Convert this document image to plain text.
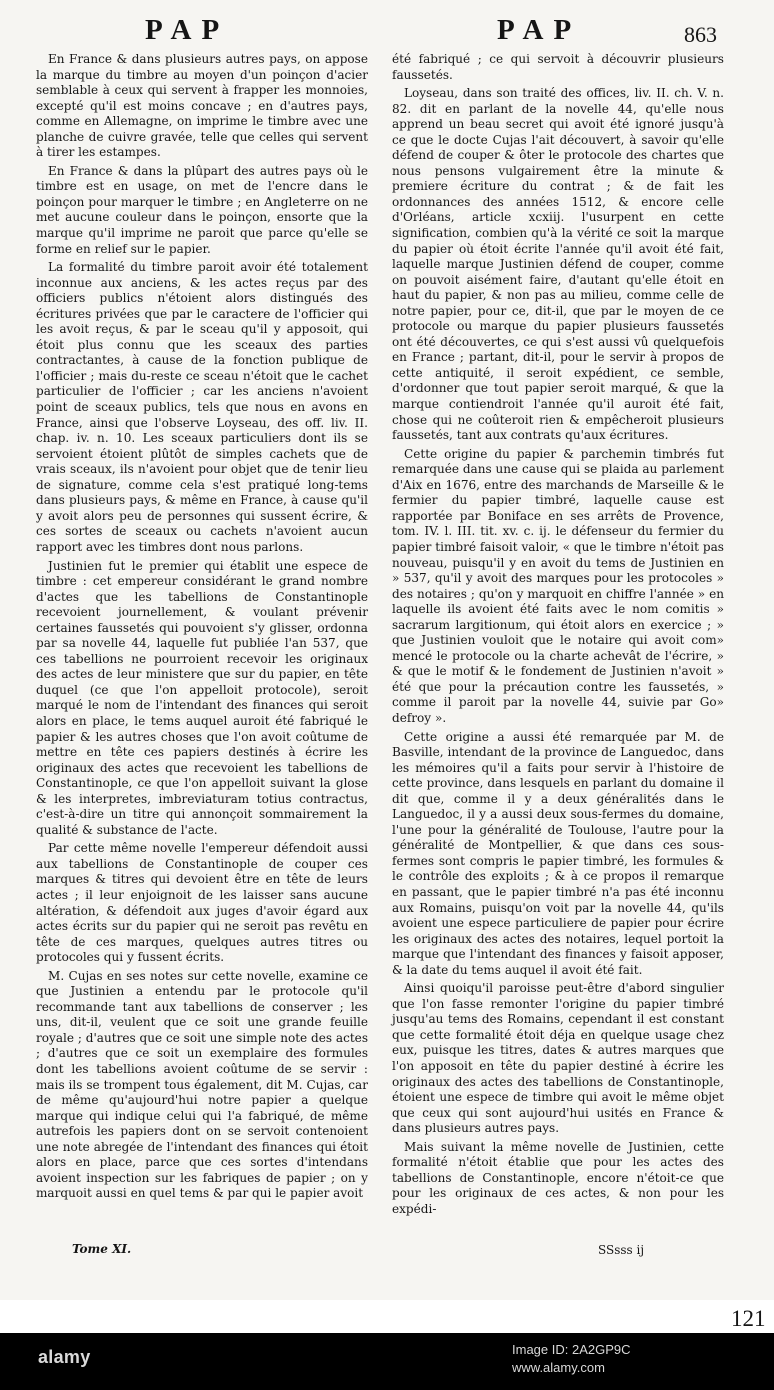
PAP	PAP	863

En France & dans plusieurs autres pays, on appose la marque du timbre au moyen d'un poinçon d'acier semblable à ceux qui servent à frapper les monnoies, excepté qu'il est moins concave ; en d'autres pays, comme en Allemagne, on imprime le timbre avec une planche de cuivre gravée, telle que celles qui servent à tirer les estampes.

En France & dans la plûpart des autres pays où le timbre est en usage, on met de l'encre dans le poinçon pour marquer le timbre ; en Angleterre on ne met aucune couleur dans le poinçon, ensorte que la marque qu'il imprime ne paroit que parce qu'elle se forme en relief sur le papier.

La formalité du timbre paroit avoir été totalement inconnue aux anciens, & les actes reçus par des officiers publics n'étoient alors distingués des écritures privées que par le caractere de l'officier qui les avoit reçus, & par le sceau qu'il y apposoit, qui étoit plus connu que les sceaux des parties contractantes, à cause de la fonction publique de l'officier ; mais du-reste ce sceau n'étoit que le cachet particulier de l'officier ; car les anciens n'avoient point de sceaux publics, tels que nous en avons en France, ainsi que l'observe Loyseau, des off. liv. II. chap. iv. n. 10. Les sceaux particuliers dont ils se servoient étoient plûtôt de simples cachets que de vrais sceaux, ils n'avoient pour objet que de tenir lieu de signature, comme cela s'est pratiqué long-tems dans plusieurs pays, & même en France, à cause qu'il y avoit alors peu de personnes qui sussent écrire, & ces sortes de sceaux ou cachets n'avoient aucun rapport avec les timbres dont nous parlons.

Justinien fut le premier qui établit une espece de timbre : cet empereur considérant le grand nombre d'actes que les tabellions de Constantinople recevoient journellement, & voulant prévenir certaines faussetés qui pouvoient s'y glisser, ordonna par sa novelle 44, laquelle fut publiée l'an 537, que ces tabellions ne pourroient recevoir les originaux des actes de leur ministere que sur du papier, en tête duquel (ce que l'on appelloit protocole), seroit marqué le nom de l'intendant des finances qui seroit alors en place, le tems auquel auroit été fabriqué le papier & les autres choses que l'on avoit coûtume de mettre en tête ces papiers destinés à écrire les originaux des actes que recevoient les tabellions de Constantinople, ce que l'on appelloit suivant la glose & les interpretes, imbreviaturam totius contractus, c'est-à-dire un titre qui annonçoit sommairement la qualité & substance de l'acte.

Par cette même novelle l'empereur défendoit aussi aux tabellions de Constantinople de couper ces marques & titres qui devoient être en tête de leurs actes ; il leur enjoignoit de les laisser sans aucune altération, & défendoit aux juges d'avoir égard aux actes écrits sur du papier qui ne seroit pas revêtu en tête de ces marques, quelques autres titres ou protocoles qui y fussent écrits.

M. Cujas en ses notes sur cette novelle, examine ce que Justinien a entendu par le protocole qu'il recommande tant aux tabellions de conserver ; les uns, dit-il, veulent que ce soit une grande feuille royale ; d'autres que ce soit une simple note des actes ; d'autres que ce soit un exemplaire des formules dont les tabellions avoient coûtume de se servir : mais ils se trompent tous également, dit M. Cujas, car de même qu'aujourd'hui notre papier a quelque marque qui indique celui qui l'a fabriqué, de même autrefois les papiers dont on se servoit contenoient une note abregée de l'intendant des finances qui étoit alors en place, parce que ces sortes d'intendans avoient inspection sur les fabriques de papier ; on y marquoit aussi en quel tems & par qui le papier avoit

été fabriqué ; ce qui servoit à découvrir plusieurs faussetés.

Loyseau, dans son traité des offices, liv. II. ch. V. n. 82. dit en parlant de la novelle 44, qu'elle nous apprend un beau secret qui avoit été ignoré jusqu'à ce que le docte Cujas l'ait découvert, à savoir qu'elle défend de couper & ôter le protocole des chartes que nous pensons vulgairement être la minute & premiere écriture du contrat ; & de fait les ordonnances des années 1512, & encore celle d'Orléans, article xcxiij. l'usurpent en cette signification, combien qu'à la vérité ce soit la marque du papier où étoit écrite l'année qu'il avoit été fait, laquelle marque Justinien défend de couper, comme on pouvoit aisément faire, d'autant qu'elle étoit en haut du papier, & non pas au milieu, comme celle de notre papier, pour ce, dit-il, que par le moyen de ce protocole ou marque du papier plusieurs faussetés ont été découvertes, ce qui s'est aussi vû quelquefois en France ; partant, dit-il, pour le servir à propos de cette antiquité, il seroit expédient, ce semble, d'ordonner que tout papier seroit marqué, & que la marque contiendroit l'année qu'il auroit été fait, chose qui ne coûteroit rien & empêcheroit plusieurs faussetés, tant aux contrats qu'aux écritures.

Cette origine du papier & parchemin timbrés fut remarquée dans une cause qui se plaida au parlement d'Aix en 1676, entre des marchands de Marseille & le fermier du papier timbré, laquelle cause est rapportée par Boniface en ses arrêts de Provence, tom. IV. l. III. tit. xv. c. ij. le défenseur du fermier du papier timbré faisoit valoir, « que le timbre n'étoit pas nouveau, puisqu'il y en avoit du tems de Justinien en » 537, qu'il y avoit des marques pour les protocoles » des notaires ; qu'on y marquoit en chiffre l'année » en laquelle ils avoient été faits avec le nom comitis » sacrarum largitionum, qui étoit alors en exercice ; » que Justinien vouloit que le notaire qui avoit com» mencé le protocole ou la charte achevât de l'écrire, » & que le motif & le fondement de Justinien n'avoit » été que pour la précaution contre les faussetés, » comme il paroit par la novelle 44, suivie par Go» defroy ».

Cette origine a aussi été remarquée par M. de Basville, intendant de la province de Languedoc, dans les mémoires qu'il a faits pour servir à l'histoire de cette province, dans lesquels en parlant du domaine il dit que, comme il y a deux généralités dans le Languedoc, il y a aussi deux sous-fermes du domaine, l'une pour la généralité de Toulouse, l'autre pour la généralité de Montpellier, & que dans ces sous-fermes sont compris le papier timbré, les formules & le contrôle des exploits ; & à ce propos il remarque en passant, que le papier timbré n'a pas été inconnu aux Romains, puisqu'on voit par la novelle 44, qu'ils avoient une espece particuliere de papier pour écrire les originaux des actes des notaires, lequel portoit la marque que l'intendant des finances y faisoit apposer, & la date du tems auquel il avoit été fait.

Ainsi quoiqu'il paroisse peut-être d'abord singulier que l'on fasse remonter l'origine du papier timbré jusqu'au tems des Romains, cependant il est constant que cette formalité étoit déja en quelque usage chez eux, puisque les titres, dates & autres marques que l'on apposoit en tête du papier destiné à écrire les originaux des actes des tabellions de Constantinople, étoient une espece de timbre qui avoit le même objet que ceux qui sont aujourd'hui usités en France & dans plusieurs autres pays.

Mais suivant la même novelle de Justinien, cette formalité n'étoit établie que pour les actes des tabellions de Constantinople, encore n'étoit-ce que pour les originaux de ces actes, & non pour les expédi-

Tome XI.	SSsss ij
121
alamy	Image ID: 2A2GP9C
www.alamy.com
